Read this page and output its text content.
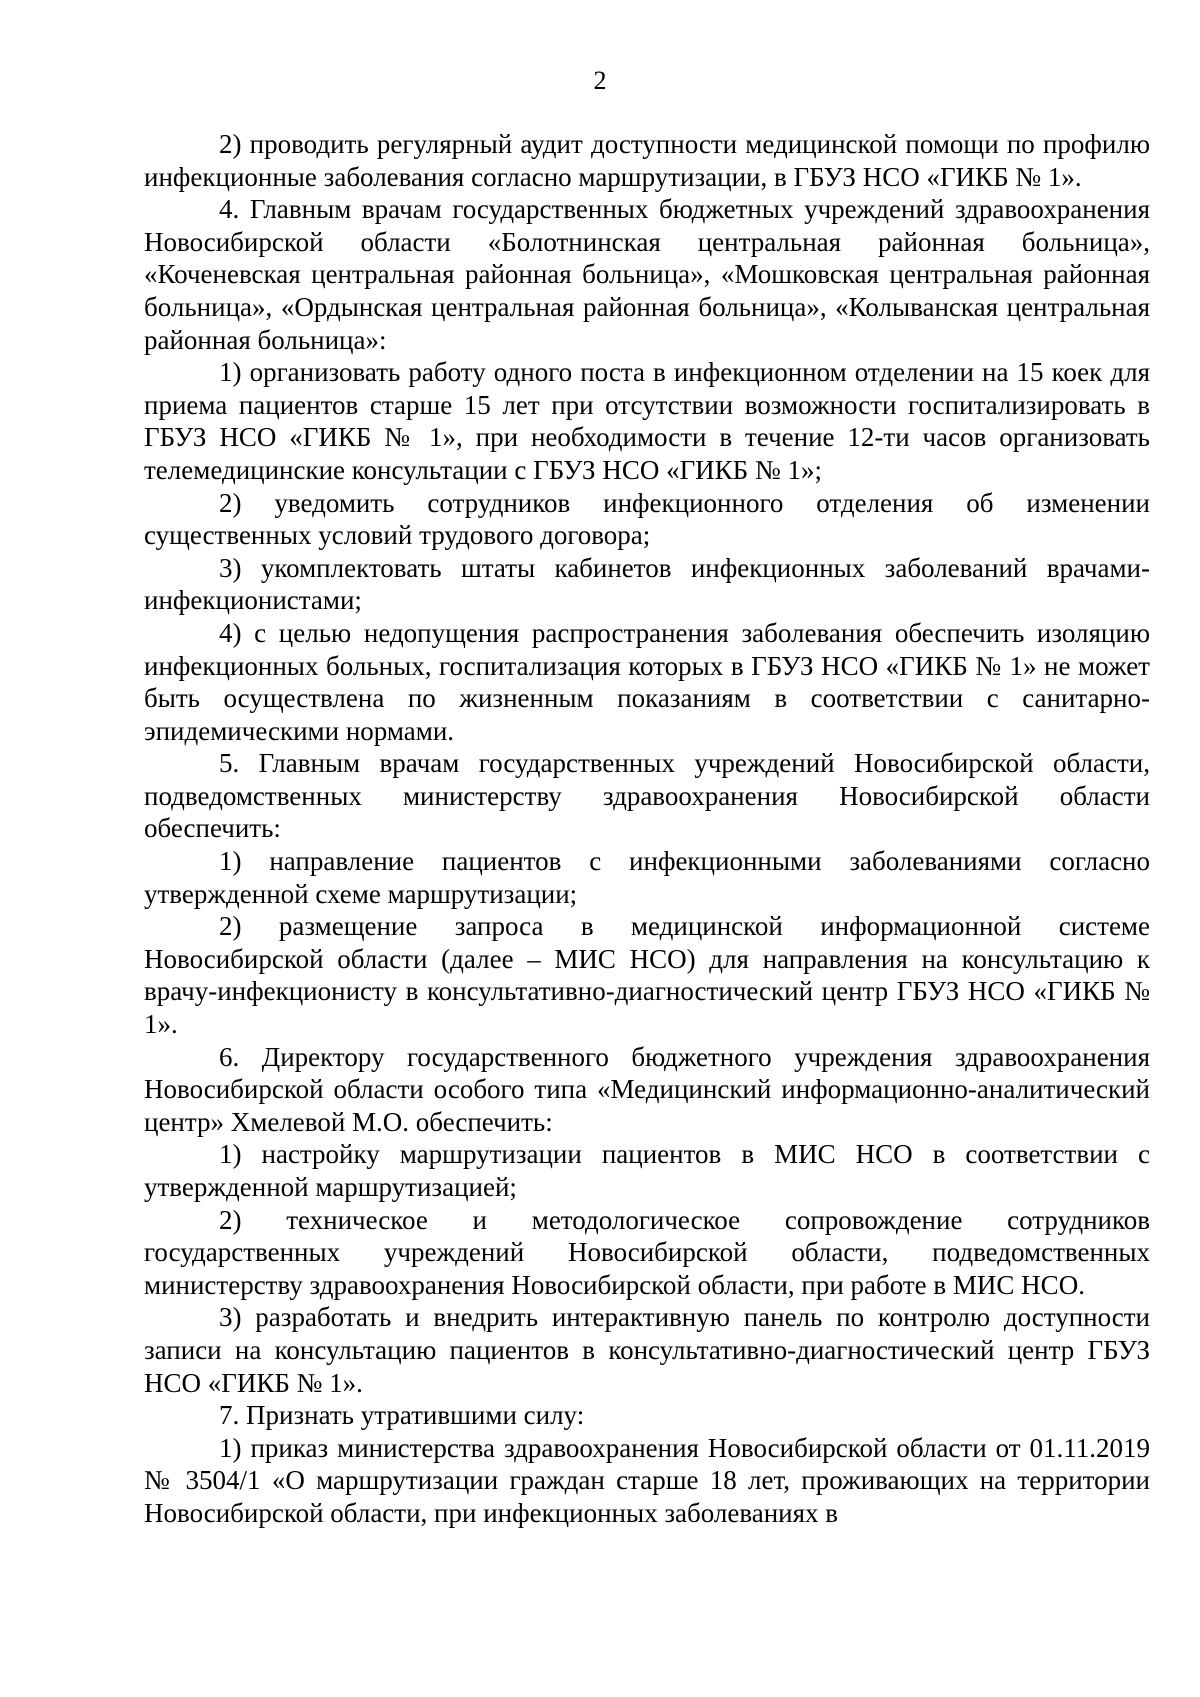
2

2) проводить регулярный аудит доступности медицинской помощи по профилю инфекционные заболевания согласно маршрутизации, в ГБУЗ НСО «ГИКБ № 1».

4. Главным врачам государственных бюджетных учреждений здравоохранения Новосибирской области «Болотнинская центральная районная больница», «Коченевская центральная районная больница», «Мошковская центральная районная больница», «Ордынская центральная районная больница», «Колыванская центральная районная больница»:

1) организовать работу одного поста в инфекционном отделении на 15 коек для приема пациентов старше 15 лет при отсутствии возможности госпитализировать в ГБУЗ НСО «ГИКБ № 1», при необходимости в течение 12-ти часов организовать телемедицинские консультации с ГБУЗ НСО «ГИКБ № 1»;

2) уведомить сотрудников инфекционного отделения об изменении существенных условий трудового договора;

3) укомплектовать штаты кабинетов инфекционных заболеваний врачами-инфекционистами;

4) с целью недопущения распространения заболевания обеспечить изоляцию инфекционных больных, госпитализация которых в ГБУЗ НСО «ГИКБ № 1» не может быть осуществлена по жизненным показаниям в соответствии с санитарно-эпидемическими нормами.

5. Главным врачам государственных учреждений Новосибирской области, подведомственных министерству здравоохранения Новосибирской области обеспечить:

1) направление пациентов с инфекционными заболеваниями согласно утвержденной схеме маршрутизации;

2) размещение запроса в медицинской информационной системе Новосибирской области (далее – МИС НСО) для направления на консультацию к врачу-инфекционисту в консультативно-диагностический центр ГБУЗ НСО «ГИКБ № 1».

6. Директору государственного бюджетного учреждения здравоохранения Новосибирской области особого типа «Медицинский информационно-аналитический центр» Хмелевой М.О. обеспечить:

1) настройку маршрутизации пациентов в МИС НСО в соответствии с утвержденной маршрутизацией;

2) техническое и методологическое сопровождение сотрудников государственных учреждений Новосибирской области, подведомственных министерству здравоохранения Новосибирской области, при работе в МИС НСО.

3) разработать и внедрить интерактивную панель по контролю доступности записи на консультацию пациентов в консультативно-диагностический центр ГБУЗ НСО «ГИКБ № 1».

7. Признать утратившими силу:

1) приказ министерства здравоохранения Новосибирской области от 01.11.2019 № 3504/1 «О маршрутизации граждан старше 18 лет, проживающих на территории Новосибирской области, при инфекционных заболеваниях в
